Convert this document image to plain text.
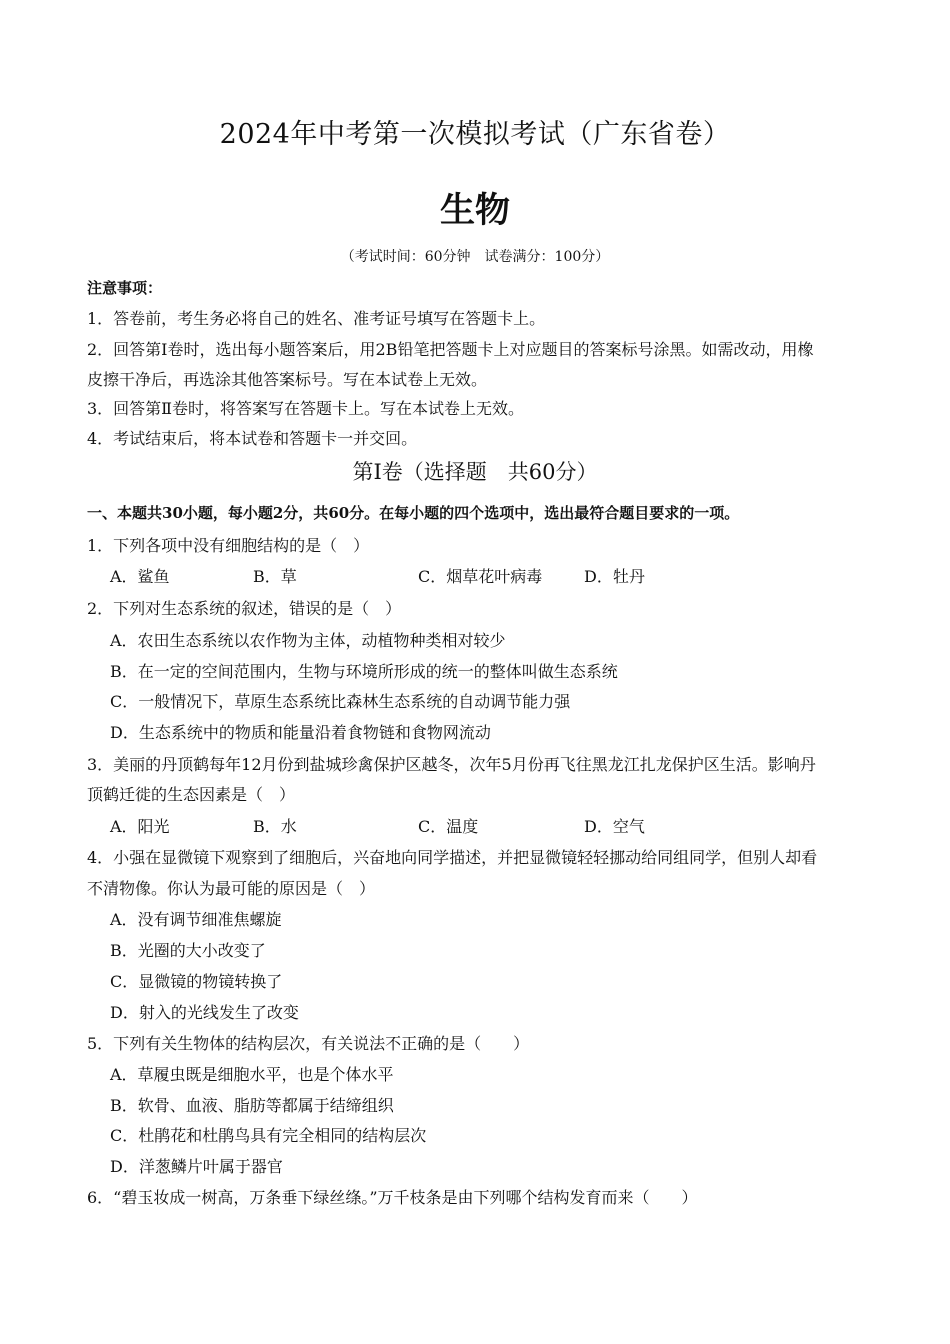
2024年中考第一次模拟考试（广东省卷）
生物
（考试时间：60分钟　试卷满分：100分）
注意事项：
1．答卷前，考生务必将自己的姓名、准考证号填写在答题卡上。
2．回答第Ⅰ卷时，选出每小题答案后，用2B铅笔把答题卡上对应题目的答案标号涂黑。如需改动，用橡
皮擦干净后，再选涂其他答案标号。写在本试卷上无效。
3．回答第Ⅱ卷时，将答案写在答题卡上。写在本试卷上无效。
4．考试结束后，将本试卷和答题卡一并交回。
第Ⅰ卷（选择题　共60分）
一、本题共30小题，每小题2分，共60分。在每小题的四个选项中，选出最符合题目要求的一项。
1．下列各项中没有细胞结构的是（　）
A．鲨鱼	B．草	C．烟草花叶病毒	D．牡丹
2．下列对生态系统的叙述，错误的是（　）
A．农田生态系统以农作物为主体，动植物种类相对较少
B．在一定的空间范围内，生物与环境所形成的统一的整体叫做生态系统
C．一般情况下，草原生态系统比森林生态系统的自动调节能力强
D．生态系统中的物质和能量沿着食物链和食物网流动
3．美丽的丹顶鹤每年12月份到盐城珍禽保护区越冬，次年5月份再飞往黑龙江扎龙保护区生活。影响丹
顶鹤迁徙的生态因素是（　）
A．阳光	B．水	C．温度	D．空气
4．小强在显微镜下观察到了细胞后，兴奋地向同学描述，并把显微镜轻轻挪动给同组同学，但别人却看
不清物像。你认为最可能的原因是（　）
A．没有调节细准焦螺旋
B．光圈的大小改变了
C．显微镜的物镜转换了
D．射入的光线发生了改变
5．下列有关生物体的结构层次，有关说法不正确的是（　　）
A．草履虫既是细胞水平，也是个体水平
B．软骨、血液、脂肪等都属于结缔组织
C．杜鹃花和杜鹃鸟具有完全相同的结构层次
D．洋葱鳞片叶属于器官
6．“碧玉妆成一树高，万条垂下绿丝绦。”万千枝条是由下列哪个结构发育而来（　　）
